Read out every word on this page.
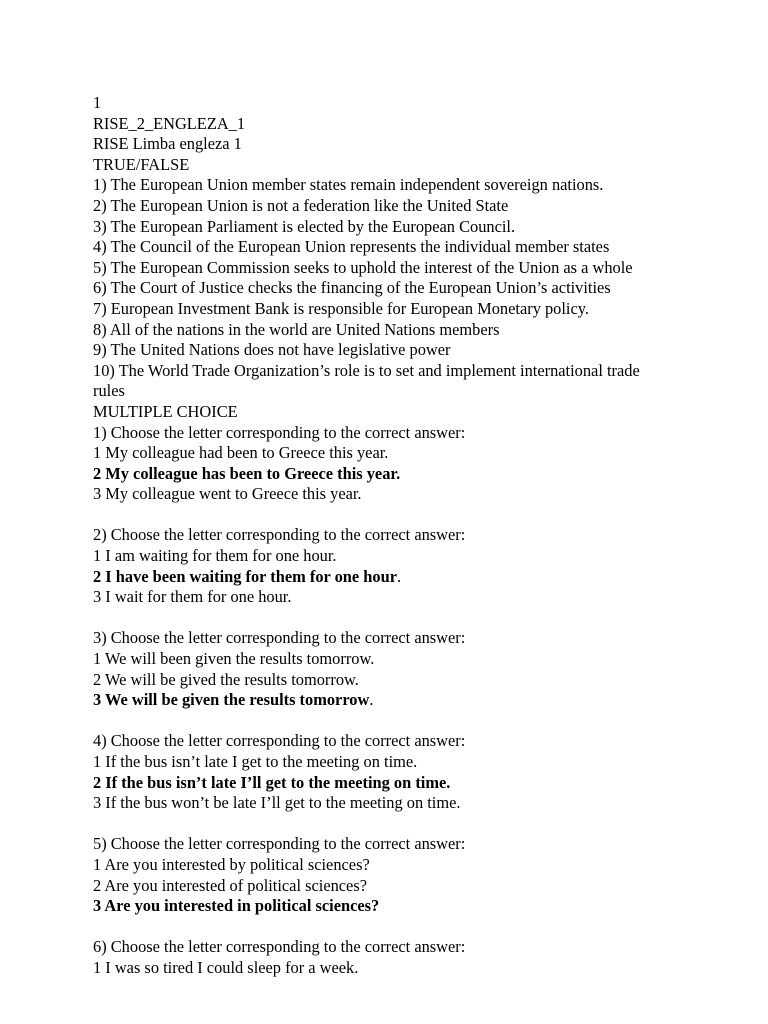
1
RISE_2_ENGLEZA_1
RISE Limba engleza 1
TRUE/FALSE
1) The European Union member states remain independent sovereign nations.
2) The European Union is not a federation like the United State
3) The European Parliament is elected by the European Council.
4) The Council of the European Union represents the individual member states
5) The European Commission seeks to uphold the interest of the Union as a whole
6) The Court of Justice checks the financing of the European Union’s activities
7) European Investment Bank is responsible for European Monetary policy.
8) All of the nations in the world are United Nations members
9) The United Nations does not have legislative power
10) The World Trade Organization’s role is to set and implement international trade rules
MULTIPLE CHOICE
1) Choose the letter corresponding to the correct answer:
1 My colleague had been to Greece this year.
2 My colleague has been to Greece this year.
3 My colleague went to Greece this year.
2) Choose the letter corresponding to the correct answer:
1 I am waiting for them for one hour.
2 I have been waiting for them for one hour.
3 I wait for them for one hour.
3) Choose the letter corresponding to the correct answer:
1 We will been given the results tomorrow.
2 We will be gived the results tomorrow.
3 We will be given the results tomorrow.
4) Choose the letter corresponding to the correct answer:
1 If the bus isn’t late I get to the meeting on time.
2 If the bus isn’t late I’ll get to the meeting on time.
3 If the bus won’t be late I’ll get to the meeting on time.
5) Choose the letter corresponding to the correct answer:
1 Are you interested by political sciences?
2 Are you interested of political sciences?
3 Are you interested in political sciences?
6) Choose the letter corresponding to the correct answer:
1 I was so tired I could sleep for a week.
